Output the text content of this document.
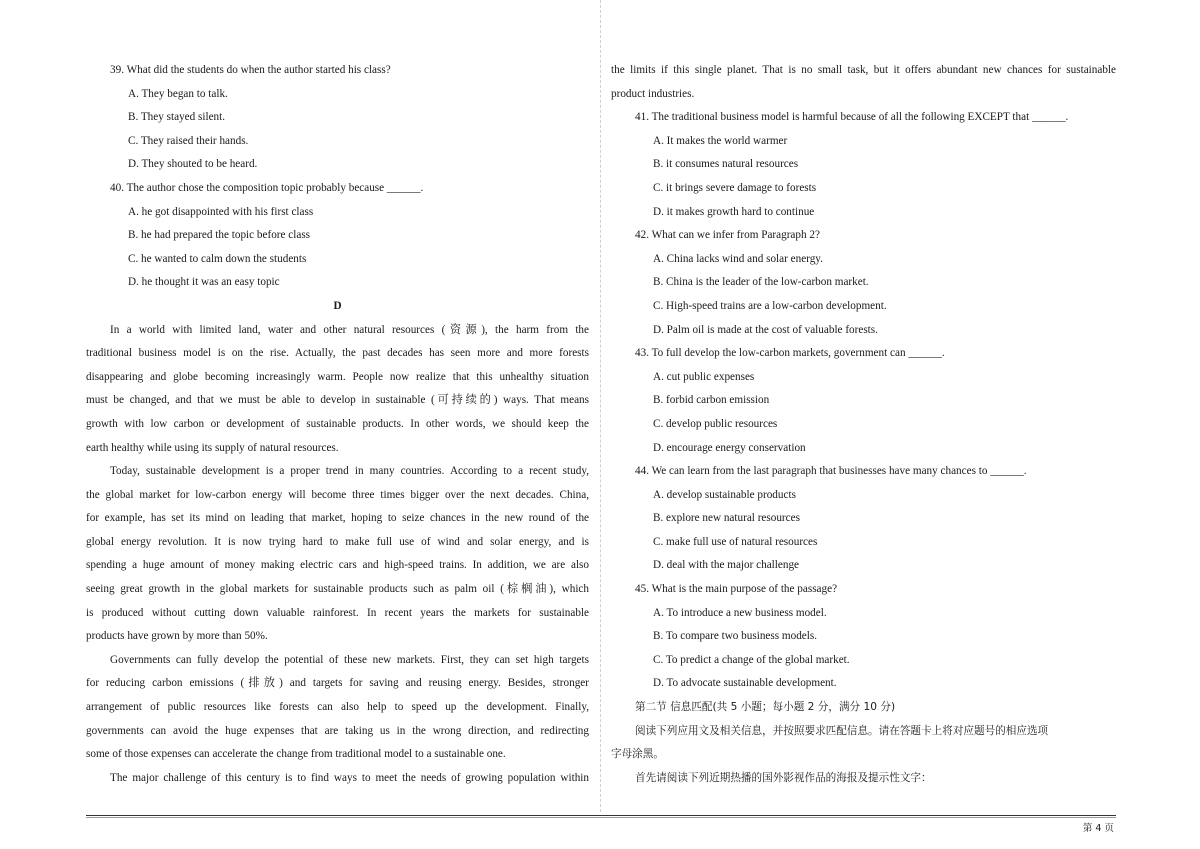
39. What did the students do when the author started his class?
A. They began to talk.
B. They stayed silent.
C. They raised their hands.
D. They shouted to be heard.
40. The author chose the composition topic probably because ______.
A. he got disappointed with his first class
B. he had prepared the topic before class
C. he wanted to calm down the students
D. he thought it was an easy topic
D
In a world with limited land, water and other natural resources (资源), the harm from the
traditional business model is on the rise. Actually, the past decades has seen more and more forests
disappearing and globe becoming increasingly warm. People now realize that this unhealthy situation
must be changed, and that we must be able to develop in sustainable (可持续的) ways. That means
growth with low carbon or development of sustainable products. In other words, we should keep the
earth healthy while using its supply of natural resources.
Today, sustainable development is a proper trend in many countries. According to a recent study,
the global market for low-carbon energy will become three times bigger over the next decades. China,
for example, has set its mind on leading that market, hoping to seize chances in the new round of the
global energy revolution. It is now trying hard to make full use of wind and solar energy, and is
spending a huge amount of money making electric cars and high-speed trains. In addition, we are also
seeing great growth in the global markets for sustainable products such as palm oil (棕榈油), which
is produced without cutting down valuable rainforest. In recent years the markets for sustainable
products have grown by more than 50%.
Governments can fully develop the potential of these new markets. First, they can set high targets
for reducing carbon emissions (排放) and targets for saving and reusing energy. Besides, stronger
arrangement of public resources like forests can also help to speed up the development. Finally,
governments can avoid the huge expenses that are taking us in the wrong direction, and redirecting
some of those expenses can accelerate the change from traditional model to a sustainable one.
The major challenge of this century is to find ways to meet the needs of growing population within
the limits if this single planet. That is no small task, but it offers abundant new chances for sustainable
product industries.
41. The traditional business model is harmful because of all the following EXCEPT that ______.
A. It makes the world warmer
B. it consumes natural resources
C. it brings severe damage to forests
D. it makes growth hard to continue
42. What can we infer from Paragraph 2?
A. China lacks wind and solar energy.
B. China is the leader of the low-carbon market.
C. High-speed trains are a low-carbon development.
D. Palm oil is made at the cost of valuable forests.
43. To full develop the low-carbon markets, government can ______.
A. cut public expenses
B. forbid carbon emission
C. develop public resources
D. encourage energy conservation
44. We can learn from the last paragraph that businesses have many chances to ______.
A. develop sustainable products
B. explore new natural resources
C. make full use of natural resources
D. deal with the major challenge
45. What is the main purpose of the passage?
A. To introduce a new business model.
B. To compare two business models.
C. To predict a change of the global market.
D. To advocate sustainable development.
第二节 信息匹配(共 5 小题；每小题 2 分，满分 10 分)
阅读下列应用文及相关信息，并按照要求匹配信息。请在答题卡上将对应题号的相应选项
字母涂黑。
首先请阅读下列近期热播的国外影视作品的海报及提示性文字：
第 4 页
